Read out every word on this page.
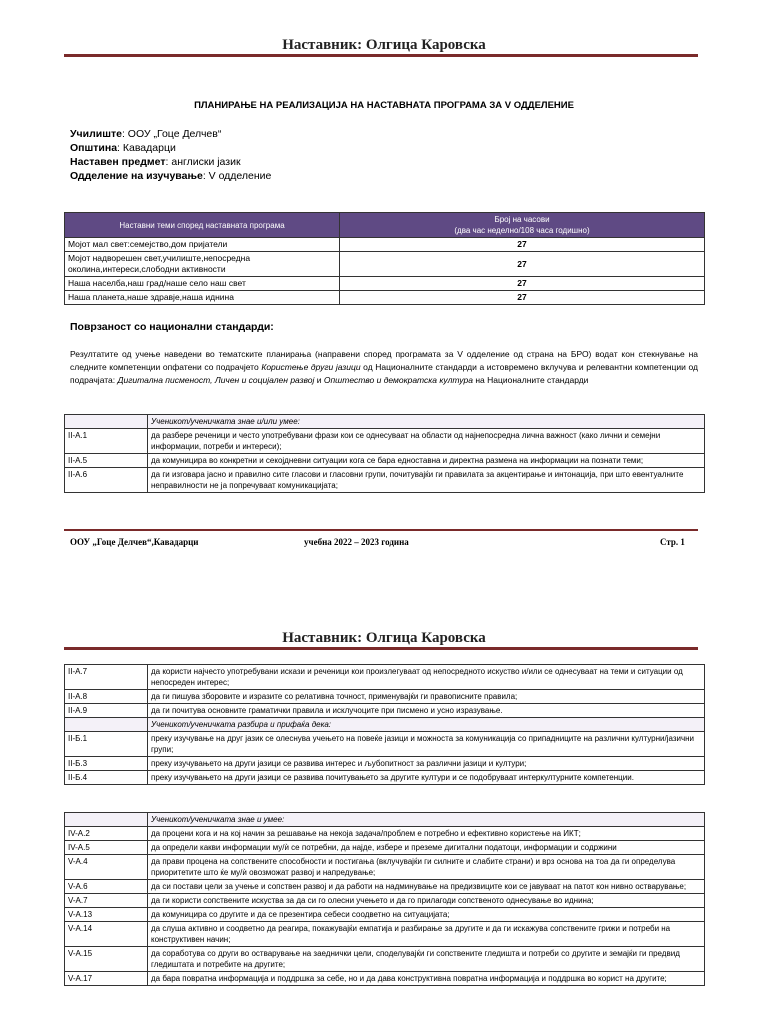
Наставник: Олгица Каровска
ПЛАНИРАЊЕ НА РЕАЛИЗАЦИЈА НА НАСТАВНАТА ПРОГРАМА ЗА V ОДДЕЛЕНИЕ
Училиште: ООУ „Гоце Делчев“
Општина: Кавадарци
Наставен предмет: англиски јазик
Одделение на изучување: V одделение
Наставни теми според наставната програма	Број на часови
(два час неделно/108 часа годишно)

Мојот мал свет:семејство,дом пријатели	27
Мојот надворешен свет,училиште,непосредна околина,интереси,слободни активности	27
Наша населба,наш град/наше село наш свет	27
Наша планета,наше здравје,наша иднина	27
Поврзаност со национални стандарди:
Резултатите од учење наведени во тематските планирања (направени според програмата за V одделение од страна на БРО) водат кон стекнување на следните компетенции опфатени со подрачјето Користење други јазици од Националните стандарди а истовремено вклучува и релевантни компетенции од подрачјата: Дигитална писменост, Личен и социјален развој и Општество и демократска култура на Националните стандарди
	Ученикот/ученичката знае и/или умее:
II-А.1	да разбере реченици и често употребувани фрази кои се однесуваат на области од најнепосредна лична важност (како лични и семејни информации, потреби и интереси);
II-А.5	да комуницира во конкретни и секојдневни ситуации кога се бара едноставна и директна размена на информации на познати теми;
II-А.6	да ги изговара јасно и правилно сите гласови и гласовни групи, почитувајќи ги правилата за акцентирање и интонација, при што евентуалните неправилности не ја попречуваат комуникацијата;
ООУ „Гоце Делчев“,Кавадарци	учебна 2022 – 2023 година	Стр. 1
Наставник: Олгица Каровска
II-А.7	да користи најчесто употребувани искази и реченици кои произлегуваат од непосредното искуство и/или се однесуваат на теми и ситуации од непосреден интерес;
II-А.8	да ги пишува зборовите и изразите со релативна точност, применувајќи ги правописните правила;
II-А.9	да ги почитува основните граматички правила и исклучоците при писмено и усно изразување.
	Ученикот/ученичката разбира и прифаќа дека:
II-Б.1	преку изучување на друг јазик се олеснува учењето на повеќе јазици и можноста за комуникација со припадниците на различни културни/јазични групи;
II-Б.3	преку изучувањето на други јазици се развива интерес и љубопитност за различни јазици и култури;
II-Б.4	преку изучувањето на други јазици се развива почитувањето за другите култури и се подобруваат интеркултурните компетенции.
	Ученикот/ученичката знае и умее:
IV-A.2	да процени кога и на кој начин за решавање на некоја задача/проблем е потребно и ефективно користење на ИКТ;
IV-A.5	да определи какви информации му/ѝ се потребни, да најде, избере и преземе дигитални податоци, информации и содржини
V-A.4	да прави процена на сопствените способности и постигања (вклучувајќи ги силните и слабите страни) и врз основа на тоа да ги определува приоритетите што ќе му/ѝ овозможат развој и напредување;
V-A.6	да си постави цели за учење и сопствен развој и да работи на надминување на предизвиците кои се јавуваат на патот кон нивно остварување;
V-A.7	да ги користи сопствените искуства за да си го олесни учењето и да го прилагоди сопственото однесување во иднина;
V-A.13	да комуницира со другите и да се презентира себеси соодветно на ситуацијата;
V-A.14	да слуша активно и соодветно да реагира, покажувајќи емпатија и разбирање за другите и да ги искажува сопствените грижи и потреби на конструктивен начин;
V-A.15	да соработува со други во остварување на заеднички цели, споделувајќи ги сопствените гледишта и потреби со другите и земајќи ги предвид гледиштата и потребите на другите;
V-A.17	да бара повратна информација и поддршка за себе, но и да дава конструктивна повратна информација и поддршка во корист на другите;
